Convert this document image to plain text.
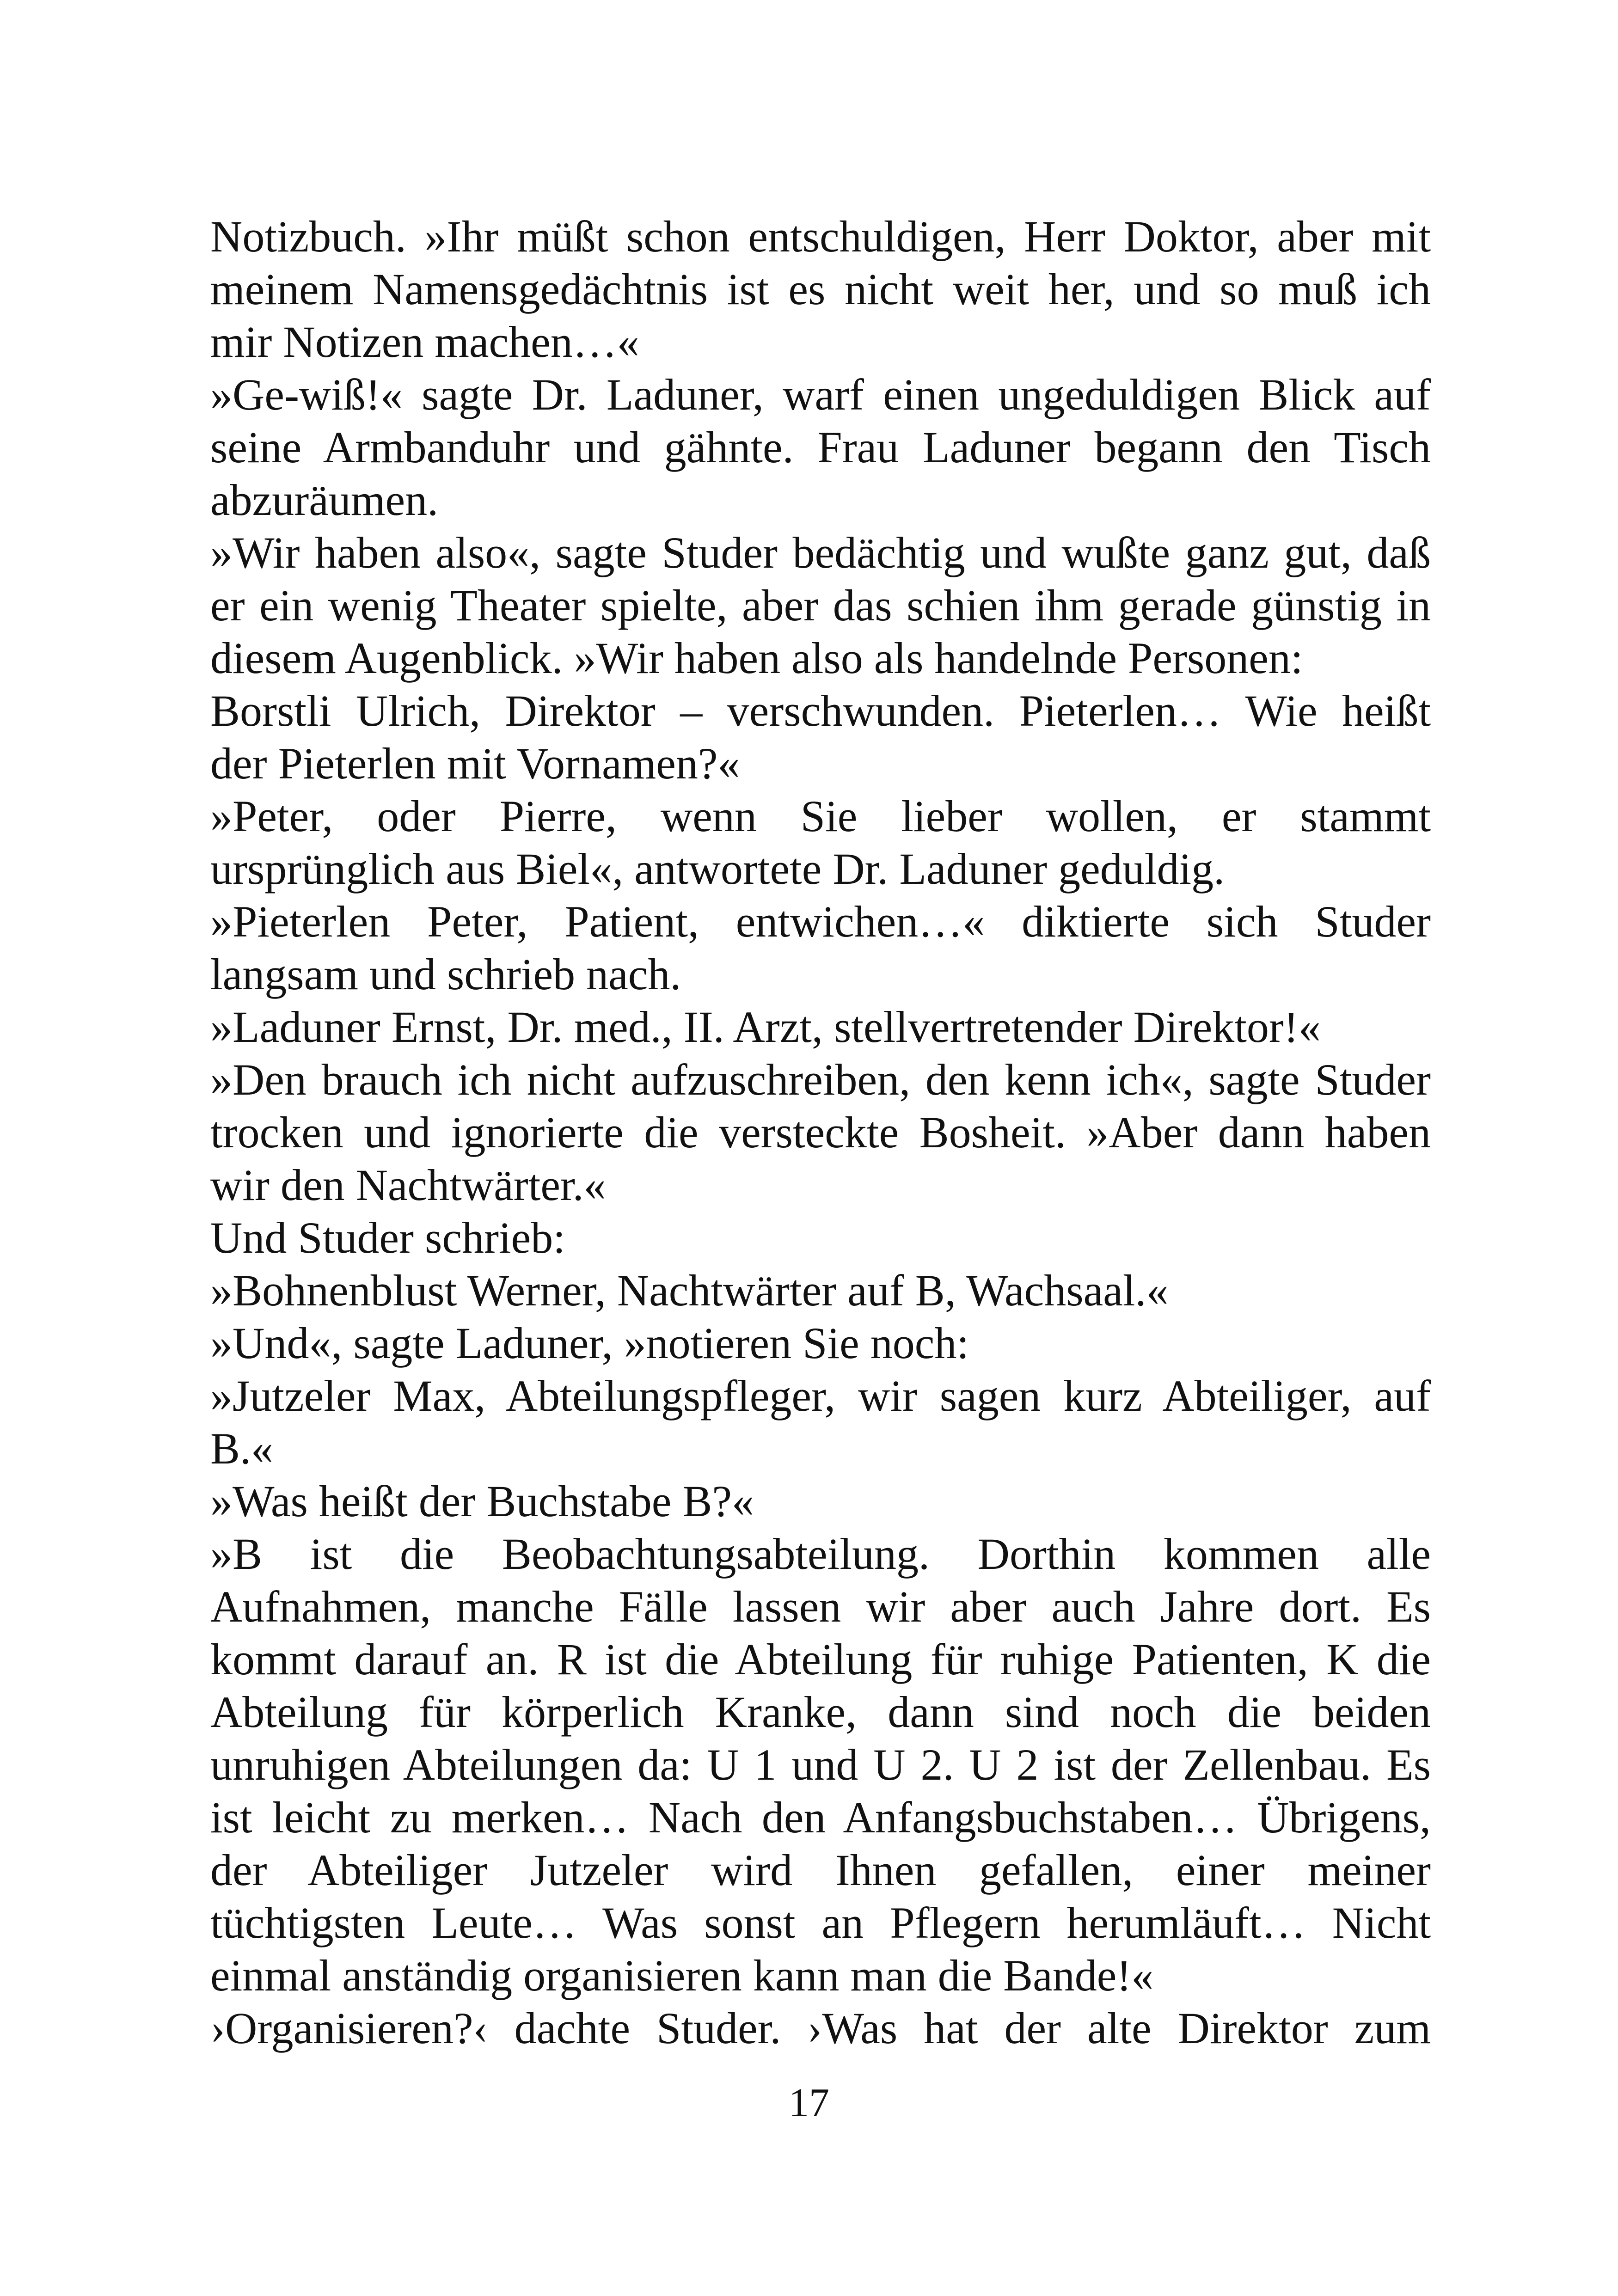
Notizbuch. »Ihr müßt schon entschuldigen, Herr Doktor, aber mit
meinem Namensgedächtnis ist es nicht weit her, und so muß ich
mir Notizen machen…«
»Ge-wiß!« sagte Dr. Laduner, warf einen ungeduldigen Blick auf
seine Armbanduhr und gähnte. Frau Laduner begann den Tisch
abzuräumen.
»Wir haben also«, sagte Studer bedächtig und wußte ganz gut, daß
er ein wenig Theater spielte, aber das schien ihm gerade günstig in
diesem Augenblick. »Wir haben also als handelnde Personen:
Borstli Ulrich, Direktor – verschwunden. Pieterlen… Wie heißt
der Pieterlen mit Vornamen?«
»Peter, oder Pierre, wenn Sie lieber wollen, er stammt
ursprünglich aus Biel«, antwortete Dr. Laduner geduldig.
»Pieterlen Peter, Patient, entwichen…« diktierte sich Studer
langsam und schrieb nach.
»Laduner Ernst, Dr. med., II. Arzt, stellvertretender Direktor!«
»Den brauch ich nicht aufzuschreiben, den kenn ich«, sagte Studer
trocken und ignorierte die versteckte Bosheit. »Aber dann haben
wir den Nachtwärter.«
Und Studer schrieb:
»Bohnenblust Werner, Nachtwärter auf B, Wachsaal.«
»Und«, sagte Laduner, »notieren Sie noch:
»Jutzeler Max, Abteilungspfleger, wir sagen kurz Abteiliger, auf
B.«
»Was heißt der Buchstabe B?«
»B ist die Beobachtungsabteilung. Dorthin kommen alle
Aufnahmen, manche Fälle lassen wir aber auch Jahre dort. Es
kommt darauf an. R ist die Abteilung für ruhige Patienten, K die
Abteilung für körperlich Kranke, dann sind noch die beiden
unruhigen Abteilungen da: U 1 und U 2. U 2 ist der Zellenbau. Es
ist leicht zu merken… Nach den Anfangsbuchstaben… Übrigens,
der Abteiliger Jutzeler wird Ihnen gefallen, einer meiner
tüchtigsten Leute… Was sonst an Pflegern herumläuft… Nicht
einmal anständig organisieren kann man die Bande!«
›Organisieren?‹ dachte Studer. ›Was hat der alte Direktor zum
17
